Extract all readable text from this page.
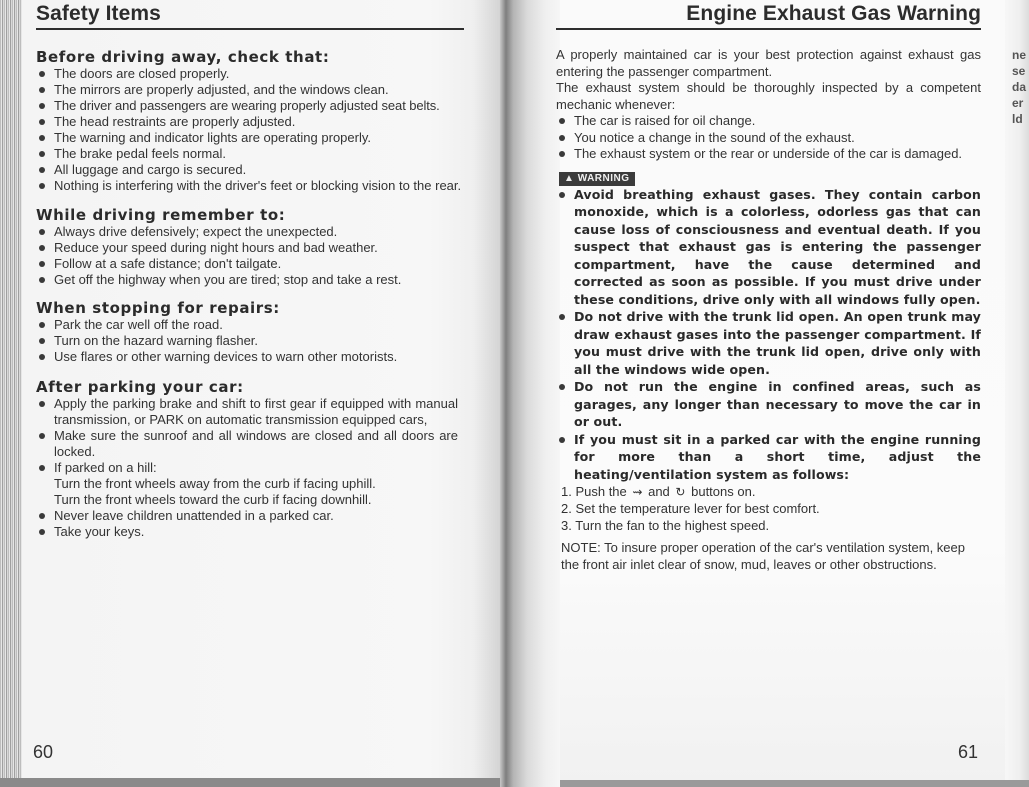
Safety Items
Before driving away, check that:
The doors are closed properly.
The mirrors are properly adjusted, and the windows clean.
The driver and passengers are wearing properly adjusted seat belts.
The head restraints are properly adjusted.
The warning and indicator lights are operating properly.
The brake pedal feels normal.
All luggage and cargo is secured.
Nothing is interfering with the driver's feet or blocking vision to the rear.
While driving remember to:
Always drive defensively; expect the unexpected.
Reduce your speed during night hours and bad weather.
Follow at a safe distance; don't tailgate.
Get off the highway when you are tired; stop and take a rest.
When stopping for repairs:
Park the car well off the road.
Turn on the hazard warning flasher.
Use flares or other warning devices to warn other motorists.
After parking your car:
Apply the parking brake and shift to first gear if equipped with manual transmission, or PARK on automatic transmission equipped cars,
Make sure the sunroof and all windows are closed and all doors are locked.
If parked on a hill:
Turn the front wheels away from the curb if facing uphill.
Turn the front wheels toward the curb if facing downhill.
Never leave children unattended in a parked car.
Take your keys.
60
Engine Exhaust Gas Warning
A properly maintained car is your best protection against exhaust gas entering the passenger compartment.
The exhaust system should be thoroughly inspected by a competent mechanic whenever:
The car is raised for oil change.
You notice a change in the sound of the exhaust.
The exhaust system or the rear or underside of the car is damaged.
▲ WARNING
Avoid breathing exhaust gases. They contain carbon monoxide, which is a colorless, odorless gas that can cause loss of consciousness and eventual death. If you suspect that exhaust gas is entering the passenger compartment, have the cause determined and corrected as soon as possible. If you must drive under these conditions, drive only with all windows fully open.
Do not drive with the trunk lid open. An open trunk may draw exhaust gases into the passenger compartment. If you must drive with the trunk lid open, drive only with all the windows wide open.
Do not run the engine in confined areas, such as garages, any longer than necessary to move the car in or out.
If you must sit in a parked car with the engine running for more than a short time, adjust the heating/ventilation system as follows:
1. Push the ⇝ and ↻ buttons on.
2. Set the temperature lever for best comfort.
3. Turn the fan to the highest speed.
NOTE: To insure proper operation of the car's ventilation system, keep the front air inlet clear of snow, mud, leaves or other obstructions.
61
ne
se
da
er
ld
